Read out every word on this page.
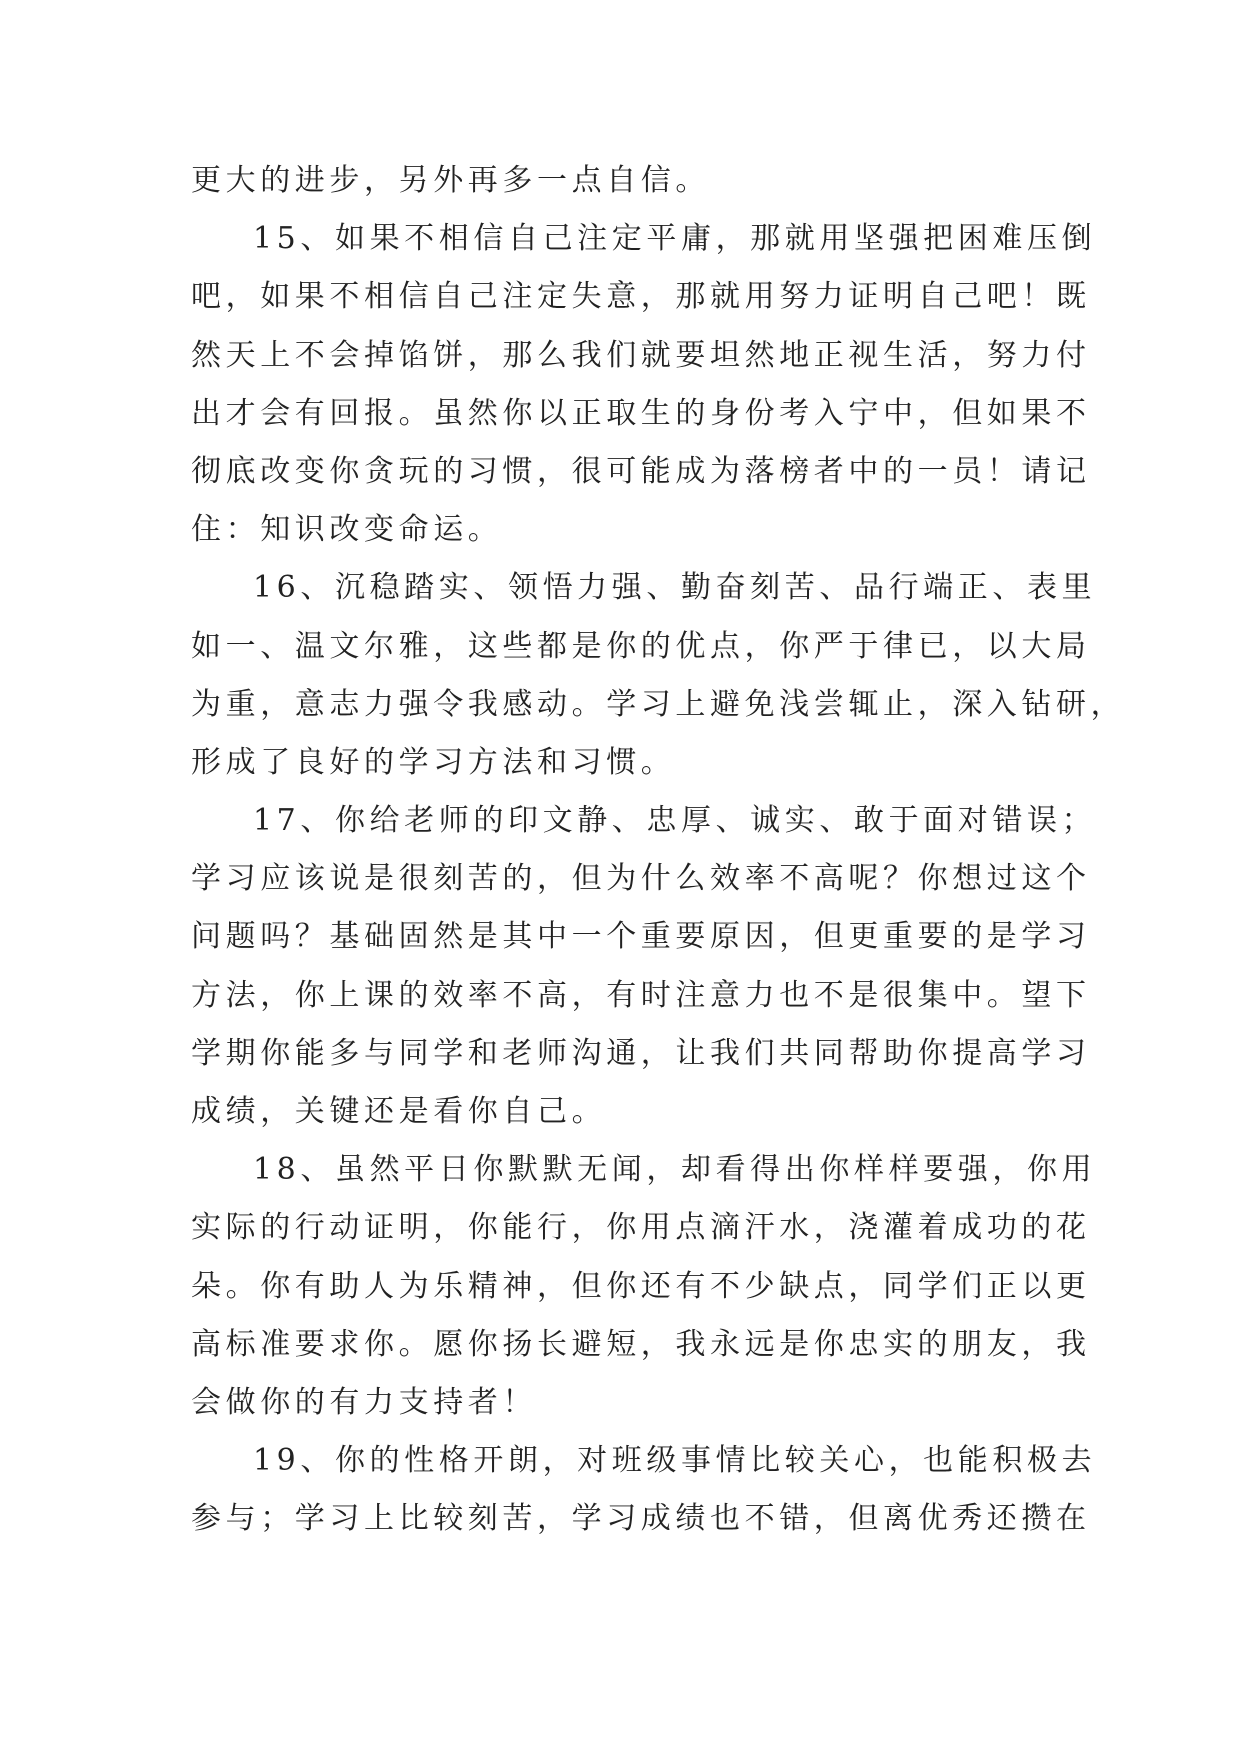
更大的进步，另外再多一点自信。
15、如果不相信自己注定平庸，那就用坚强把困难压倒
吧，如果不相信自己注定失意，那就用努力证明自己吧！既
然天上不会掉馅饼，那么我们就要坦然地正视生活，努力付
出才会有回报。虽然你以正取生的身份考入宁中，但如果不
彻底改变你贪玩的习惯，很可能成为落榜者中的一员！请记
住：知识改变命运。
16、沉稳踏实、领悟力强、勤奋刻苦、品行端正、表里
如一、温文尔雅，这些都是你的优点，你严于律已，以大局
为重，意志力强令我感动。学习上避免浅尝辄止，深入钻研，
形成了良好的学习方法和习惯。
17、你给老师的印文静、忠厚、诚实、敢于面对错误；
学习应该说是很刻苦的，但为什么效率不高呢？你想过这个
问题吗？基础固然是其中一个重要原因，但更重要的是学习
方法，你上课的效率不高，有时注意力也不是很集中。望下
学期你能多与同学和老师沟通，让我们共同帮助你提高学习
成绩，关键还是看你自己。
18、虽然平日你默默无闻，却看得出你样样要强，你用
实际的行动证明，你能行，你用点滴汗水，浇灌着成功的花
朵。你有助人为乐精神，但你还有不少缺点，同学们正以更
高标准要求你。愿你扬长避短，我永远是你忠实的朋友，我
会做你的有力支持者！
19、你的性格开朗，对班级事情比较关心，也能积极去
参与；学习上比较刻苦，学习成绩也不错，但离优秀还攒在
